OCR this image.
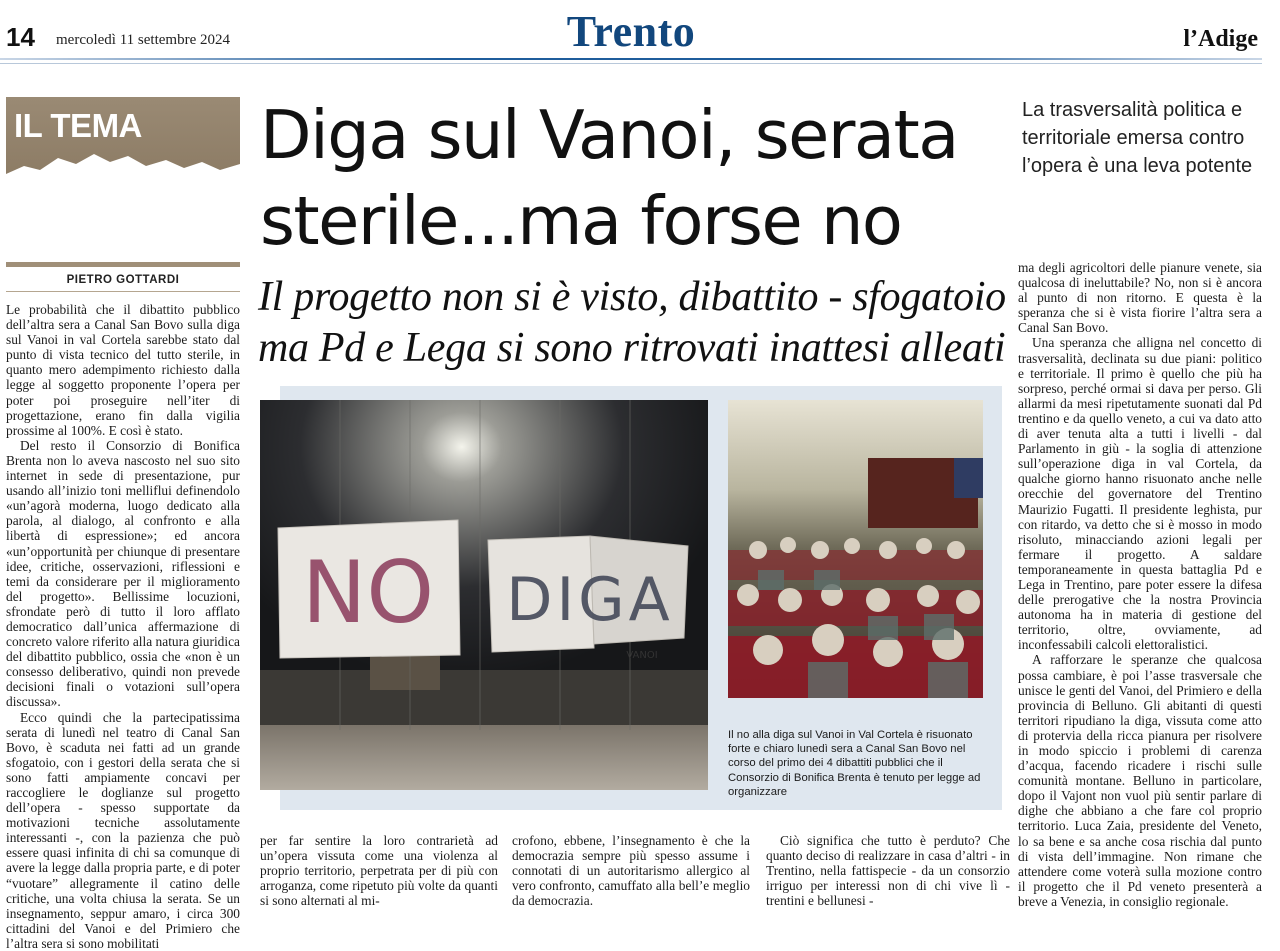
14 mercoledì 11 settembre 2024	Trento	l’Adige
IL TEMA
PIETRO GOTTARDI
Diga sul Vanoi, serata
sterile...ma forse no
Il progetto non si è visto, dibattito - sfogatoio
ma Pd e Lega si sono ritrovati inattesi alleati
La trasversalità politica e territoriale emersa contro l’opera è una leva potente

Le probabilità che il dibattito pubblico dell’altra sera a Canal San Bovo sulla diga sul Vanoi in val Cortela sarebbe stato dal punto di vista tecnico del tutto sterile, in quanto mero adempimento richiesto dalla legge al soggetto proponente l’opera per poter poi proseguire nell’iter di progettazione, erano fin dalla vigilia prossime al 100%. E così è stato.

Del resto il Consorzio di Bonifica Brenta non lo aveva nascosto nel suo sito internet in sede di presentazione, pur usando all’inizio toni melliflui definendolo «un’agorà moderna, luogo dedicato alla parola, al dialogo, al confronto e alla libertà di espressione»; ed ancora «un’opportunità per chiunque di presentare idee, critiche, osservazioni, riflessioni e temi da considerare per il miglioramento del progetto». Bellissime locuzioni, sfrondate però di tutto il loro afflato democratico dall’unica affermazione di concreto valore riferito alla natura giuridica del dibattito pubblico, ossia che «non è un consesso deliberativo, quindi non prevede decisioni finali o votazioni sull’opera discussa».

Ecco quindi che la partecipatissima serata di lunedì nel teatro di Canal San Bovo, è scaduta nei fatti ad un grande sfogatoio, con i gestori della serata che si sono fatti ampiamente concavi per raccogliere le doglianze sul progetto dell’opera - spesso supportate da motivazioni tecniche assolutamente interessanti -, con la pazienza che può essere quasi infinita di chi sa comunque di avere la legge dalla propria parte, e di poter “vuotare” allegramente il catino delle critiche, una volta chiusa la serata. Se un insegnamento, seppur amaro, i circa 300 cittadini del Vanoi e del Primiero che l’altra sera si sono mobilitati

NO DIGA
VANOI
Il no alla diga sul Vanoi in Val Cortela è risuonato forte e chiaro lunedì sera a Canal San Bovo nel corso del primo dei 4 dibattiti pubblici che il Consorzio di Bonifica Brenta è tenuto per legge ad organizzare

per far sentire la loro contrarietà ad un’opera vissuta come una violenza al proprio territorio, perpetrata per di più con arroganza, come ripetuto più volte da quanti si sono alternati al mi-

crofono, ebbene, l’insegnamento è che la democrazia sempre più spesso assume i connotati di un autoritarismo allergico al vero confronto, camuffato alla bell’e meglio da democrazia.

Ciò significa che tutto è perduto? Che quanto deciso di realizzare in casa d’altri - in Trentino, nella fattispecie - da un consorzio irriguo per interessi non di chi vive lì - trentini e bellunesi -

ma degli agricoltori delle pianure venete, sia qualcosa di ineluttabile? No, non si è ancora al punto di non ritorno. E questa è la speranza che si è vista fiorire l’altra sera a Canal San Bovo.

Una speranza che alligna nel concetto di trasversalità, declinata su due piani: politico e territoriale. Il primo è quello che più ha sorpreso, perché ormai si dava per perso. Gli allarmi da mesi ripetutamente suonati dal Pd trentino e da quello veneto, a cui va dato atto di aver tenuta alta a tutti i livelli - dal Parlamento in giù - la soglia di attenzione sull’operazione diga in val Cortela, da qualche giorno hanno risuonato anche nelle orecchie del governatore del Trentino Maurizio Fugatti. Il presidente leghista, pur con ritardo, va detto che si è mosso in modo risoluto, minacciando azioni legali per fermare il progetto. A saldare temporaneamente in questa battaglia Pd e Lega in Trentino, pare poter essere la difesa delle prerogative che la nostra Provincia autonoma ha in materia di gestione del territorio, oltre, ovviamente, ad inconfessabili calcoli elettoralistici.

A rafforzare le speranze che qualcosa possa cambiare, è poi l’asse trasversale che unisce le genti del Vanoi, del Primiero e della provincia di Belluno. Gli abitanti di questi territori ripudiano la diga, vissuta come atto di protervia della ricca pianura per risolvere in modo spiccio i problemi di carenza d’acqua, facendo ricadere i rischi sulle comunità montane. Belluno in particolare, dopo il Vajont non vuol più sentir parlare di dighe che abbiano a che fare col proprio territorio. Luca Zaia, presidente del Veneto, lo sa bene e sa anche cosa rischia dal punto di vista dell’immagine. Non rimane che attendere come voterà sulla mozione contro il progetto che il Pd veneto presenterà a breve a Venezia, in consiglio regionale.
